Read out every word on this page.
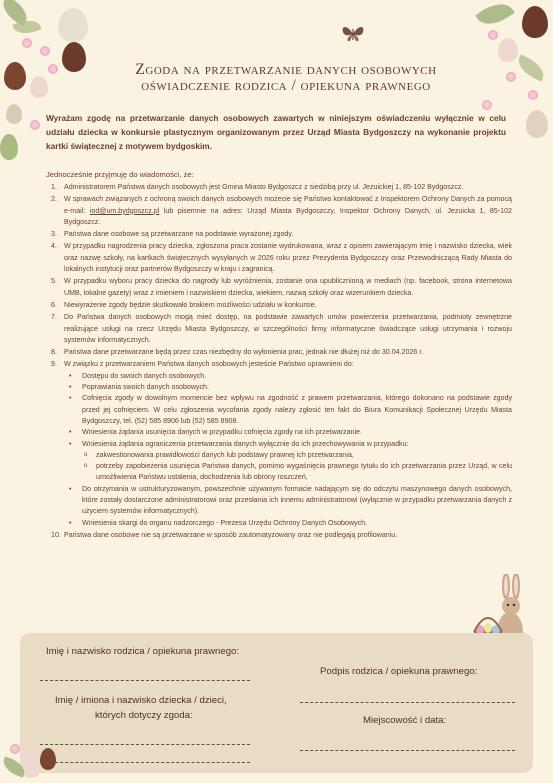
Zgoda na przetwarzanie danych osobowych
oświadczenie rodzica / opiekuna prawnego
Wyrażam zgodę na przetwarzanie danych osobowych zawartych w niniejszym oświadczeniu wyłącznie w celu udziału dziecka w konkursie plastycznym organizowanym przez Urząd Miasta Bydgoszczy na wykonanie projektu kartki świątecznej z motywem bydgoskim.
Jednocześnie przyjmuję do wiadomości, że:
1. Administratorem Państwa danych osobowych jest Gmina Miasto Bydgoszcz z siedzibą przy ul. Jezuickiej 1, 85-102 Bydgoszcz.
2. W sprawach związanych z ochroną swoich danych osobowych możecie się Państwo kontaktować z Inspektorem Ochrony Danych za pomocą e-mail: iod@um.bydgoszcz.pl lub pisemnie na adres: Urząd Miasta Bydgoszczy, Inspektor Ochrony Danych, ul. Jezuicka 1, 85-102 Bydgoszcz.
3. Państwa dane osobowe są przetwarzane na podstawie wyrażonej zgody.
4. W przypadku nagrodzenia pracy dziecka, zgłoszona praca zostanie wydrukowana, wraz z opisem zawierającym imię i nazwisko dziecka, wiek oraz nazwę szkoły, na kartkach świątecznych wysyłanych w 2026 roku przez Prezydenta Bydgoszczy oraz Przewodniczącą Rady Miasta do lokalnych instytucji oraz partnerów Bydgoszczy w kraju i zagranicą.
5. W przypadku wyboru pracy dziecka do nagrody lub wyróżnienia, zostanie ona upublicznioną w mediach (np. facebook, strona internetowa UMB, lokalne gazety) wraz z imieniem i nazwiskiem dziecka, wiekiem, nazwą szkoły oraz wizerunkiem dziecka.
6. Niewyrażenie zgody będzie skutkowało brakiem możliwości udziału w konkursie.
7. Do Państwa danych osobowych mogą mieć dostęp, na podstawie zawartych umów powierzenia przetwarzania, podmioty zewnętrzne realizujące usługi na rzecz Urzędu Miasta Bydgoszczy, w szczególności firmy informatyczne świadczące usługi utrzymania i rozwoju systemów informatycznych.
8. Państwa dane przetwarzane będą przez czas niezbędny do wyłonienia prac, jednak nie dłużej niż do 30.04.2026 r.
9. W związku z przetwarzaniem Państwa danych osobowych jesteście Państwo uprawnieni do:
• Dostępu do swoich danych osobowych.
• Poprawiania swoich danych osobowych.
• Cofnięcia zgody w dowolnym momencie bez wpływu na zgodność z prawem przetwarzania, którego dokonano na podstawie zgody przed jej cofnięciem. W celu zgłoszenia wycofania zgody należy zgłosić ten fakt do Biura Komunikacji Społecznej Urzędu Miasta Bydgoszczy, tel. (52) 585 8906 lub (52) 585 8908.
• Wniesienia żądania usunięcia danych w przypadku cofnięcia zgody na ich przetwarzanie.
• Wniesienia żądania ograniczenia przetwarzania danych wyłącznie do ich przechowywania w przypadku:
o zakwestionowania prawidłowości danych lub podstawy prawnej ich przetwarzania,
o potrzeby zapobieżenia usunięcia Państwa danych, pomimo wygaśnięcia prawnego tytułu do ich przetwarzania przez Urząd, w celu umożliwienia Państwu ustalenia, dochodzenia lub obrony roszczeń,
• Do otrzymania w ustrukturyzowanym, powszechnie używanym formacie nadającym się do odczytu maszynowego danych osobowych, które zostały dostarczone administratorowi oraz przesłania ich innemu administratorowi (wyłącznie w przypadku przetwarzania danych z użyciem systemów informatycznych).
• Wniesienia skargi do organu nadzorczego - Prezesa Urzędu Ochrony Danych Osobowych.
10. Państwa dane osobowe nie są przetwarzane w sposób zautomatyzowany oraz nie podlegają profilowaniu.
Imię i nazwisko rodzica / opiekuna prawnego:
Imię / imiona i nazwisko dziecka / dzieci,
których dotyczy zgoda:
Podpis rodzica / opiekuna prawnego:
Miejscowość i data:
